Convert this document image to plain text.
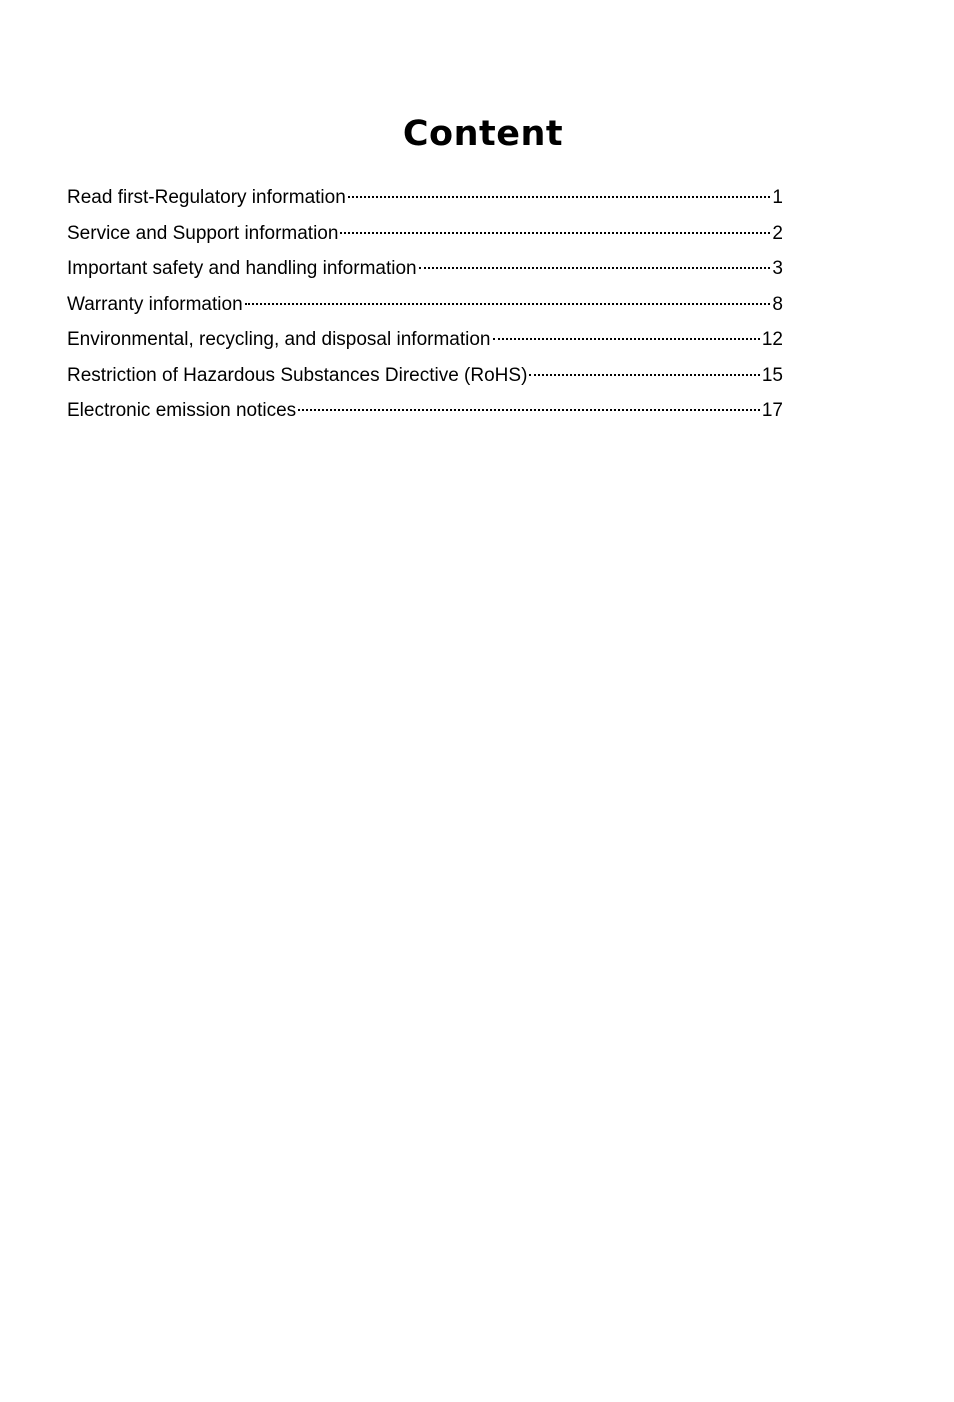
Content
Read first-Regulatory information	1
Service and Support information	2
Important safety and handling information	3
Warranty information	8
Environmental, recycling, and disposal information	12
Restriction of Hazardous Substances Directive (RoHS)	15
Electronic emission notices	17
